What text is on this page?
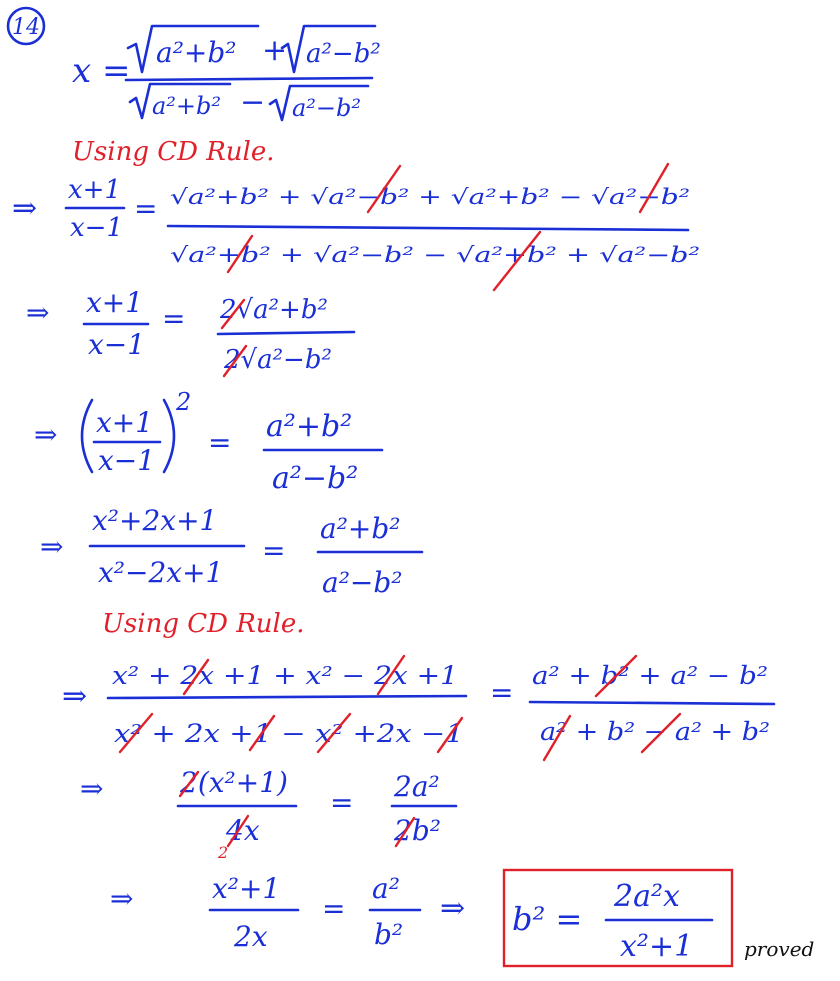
14
x = a²+b² + a²−b²
a²+b² − a²−b²
Using CD Rule.
⇒
x+1
x−1
= √a²+b² + √a²−b² + √a²+b² − √a²−b²
√a²+b² + √a²−b² − √a²+b² + √a²−b²
⇒ x+1
x−1
= 2√a²+b²
2√a²−b²
⇒ x+1
x−1
2
= a²+b²
a²−b²
⇒
x²+2x+1
x²−2x+1
=
a²+b²
a²−b²
Using CD Rule.
⇒
x² + 2x +1 + x² − 2x +1
x² + 2x +1 − x² +2x −1
=
a² + b² + a² − b²
a² + b² − a² + b²
⇒	2(x²+1)
4x
2
= 2a²
2b²
⇒	x²+1
2x
=
a²
b²
⇒ b² =
2a²x
x²+1	proved
